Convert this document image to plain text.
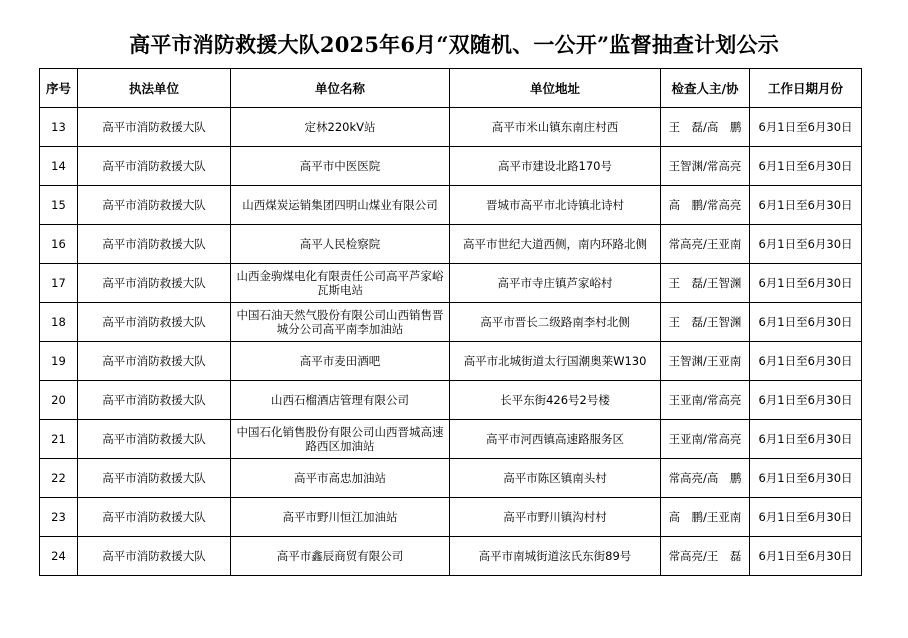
高平市消防救援大队2025年6月“双随机、一公开”监督抽查计划公示
序号	执法单位	单位名称	单位地址	检查人主/协	工作日期月份
13	高平市消防救援大队	定林220kV站	高平市米山镇东南庄村西	王　磊/高　鹏	6月1日至6月30日
14	高平市消防救援大队	高平市中医医院	高平市建设北路170号	王智渊/常高亮	6月1日至6月30日
15	高平市消防救援大队	山西煤炭运销集团四明山煤业有限公司	晋城市高平市北诗镇北诗村	高　鹏/常高亮	6月1日至6月30日
16	高平市消防救援大队	高平人民检察院	高平市世纪大道西侧，南内环路北侧	常高亮/王亚南	6月1日至6月30日
17	高平市消防救援大队	山西金驹煤电化有限责任公司高平芦家峪瓦斯电站	高平市寺庄镇芦家峪村	王　磊/王智渊	6月1日至6月30日
18	高平市消防救援大队	中国石油天然气股份有限公司山西销售晋城分公司高平南李加油站	高平市晋长二级路南李村北侧	王　磊/王智渊	6月1日至6月30日
19	高平市消防救援大队	高平市麦田酒吧	高平市北城街道太行国潮奥莱W130	王智渊/王亚南	6月1日至6月30日
20	高平市消防救援大队	山西石榴酒店管理有限公司	长平东街426号2号楼	王亚南/常高亮	6月1日至6月30日
21	高平市消防救援大队	中国石化销售股份有限公司山西晋城高速路西区加油站	高平市河西镇高速路服务区	王亚南/常高亮	6月1日至6月30日
22	高平市消防救援大队	高平市高忠加油站	高平市陈区镇南头村	常高亮/高　鹏	6月1日至6月30日
23	高平市消防救援大队	高平市野川恒江加油站	高平市野川镇沟村村	高　鹏/王亚南	6月1日至6月30日
24	高平市消防救援大队	高平市鑫辰商贸有限公司	高平市南城街道泫氏东街89号	常高亮/王　磊	6月1日至6月30日
